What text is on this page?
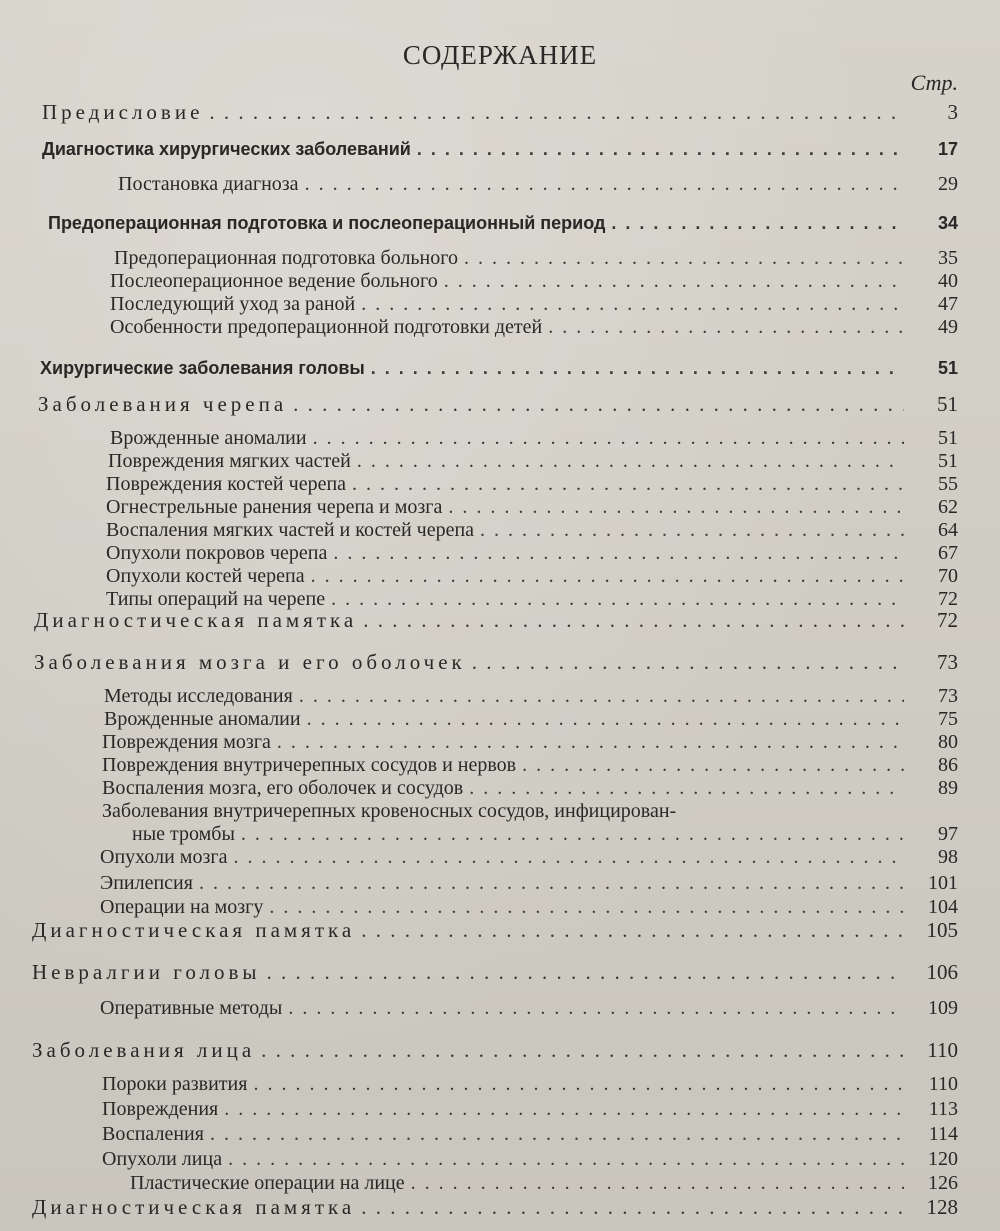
СОДЕРЖАНИЕ
Стр.
Предисловие . . .	3
Диагностика хирургических заболеваний . . .	17
Постановка диагноза . . .	29
Предоперационная подготовка и послеоперационный период . . .	34
Предоперационная подготовка больного . . .	35
Послеоперационное ведение больного . . .	40
Последующий уход за раной . . .	47
Особенности предоперационной подготовки детей . . .	49
Хирургические заболевания головы . . .	51
Заболевания черепа . . .	51
Врожденные аномалии . . .	51
Повреждения мягких частей . . .	51
Повреждения костей черепа . . .	55
Огнестрельные ранения черепа и мозга . . .	62
Воспаления мягких частей и костей черепа . . .	64
Опухоли покровов черепа . . .	67
Опухоли костей черепа . . .	70
Типы операций на черепе . . .	72
Диагностическая памятка . . .	72
Заболевания мозга и его оболочек . . .	73
Методы исследования . . .	73
Врожденные аномалии . . .	75
Повреждения мозга . . .	80
Повреждения внутричерепных сосудов и нервов . . .	86
Воспаления мозга, его оболочек и сосудов . . .	89
Заболевания внутричерепных кровеносных сосудов, инфицирован-
ные тромбы . . .	97
Опухоли мозга . . .	98
Эпилепсия . . .	101
Операции на мозгу . . .	104
Диагностическая памятка . . .	105
Невралгии головы . . .	106
Оперативные методы . . .	109
Заболевания лица . . .	110
Пороки развития . . .	110
Повреждения . . .	113
Воспаления . . .	114
Опухоли лица . . .	120
Пластические операции на лице . . .	126
Диагностическая памятка . . .	128
